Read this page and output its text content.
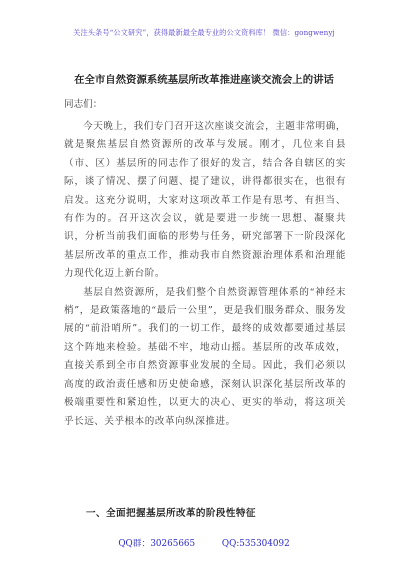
关注头条号“公文研究”，获得最新最全最专业的公文资料库！ 微信：gongwenyj
在全市自然资源系统基层所改革推进座谈交流会上的讲话
同志们：

今天晚上，我们专门召开这次座谈交流会，主题非常明确，就是聚焦基层自然资源所的改革与发展。刚才，几位来自县（市、区）基层所的同志作了很好的发言，结合各自辖区的实际，谈了情况、摆了问题、提了建议，讲得都很实在，也很有启发。这充分说明，大家对这项改革工作是有思考、有担当、有作为的。召开这次会议，就是要进一步统一思想、凝聚共识，分析当前我们面临的形势与任务，研究部署下一阶段深化基层所改革的重点工作，推动我市自然资源治理体系和治理能力现代化迈上新台阶。

基层自然资源所，是我们整个自然资源管理体系的“神经末梢”，是政策落地的“最后一公里”，更是我们服务群众、服务发展的“前沿哨所”。我们的一切工作，最终的成效都要通过基层这个阵地来检验。基础不牢，地动山摇。基层所的改革成效，直接关系到全市自然资源事业发展的全局。因此，我们必须以高度的政治责任感和历史使命感，深刻认识深化基层所改革的极端重要性和紧迫性，以更大的决心、更实的举动，将这项关乎长远、关乎根本的改革向纵深推进。

一、全面把握基层所改革的阶段性特征
QQ群：30265665	QQ:535304092
